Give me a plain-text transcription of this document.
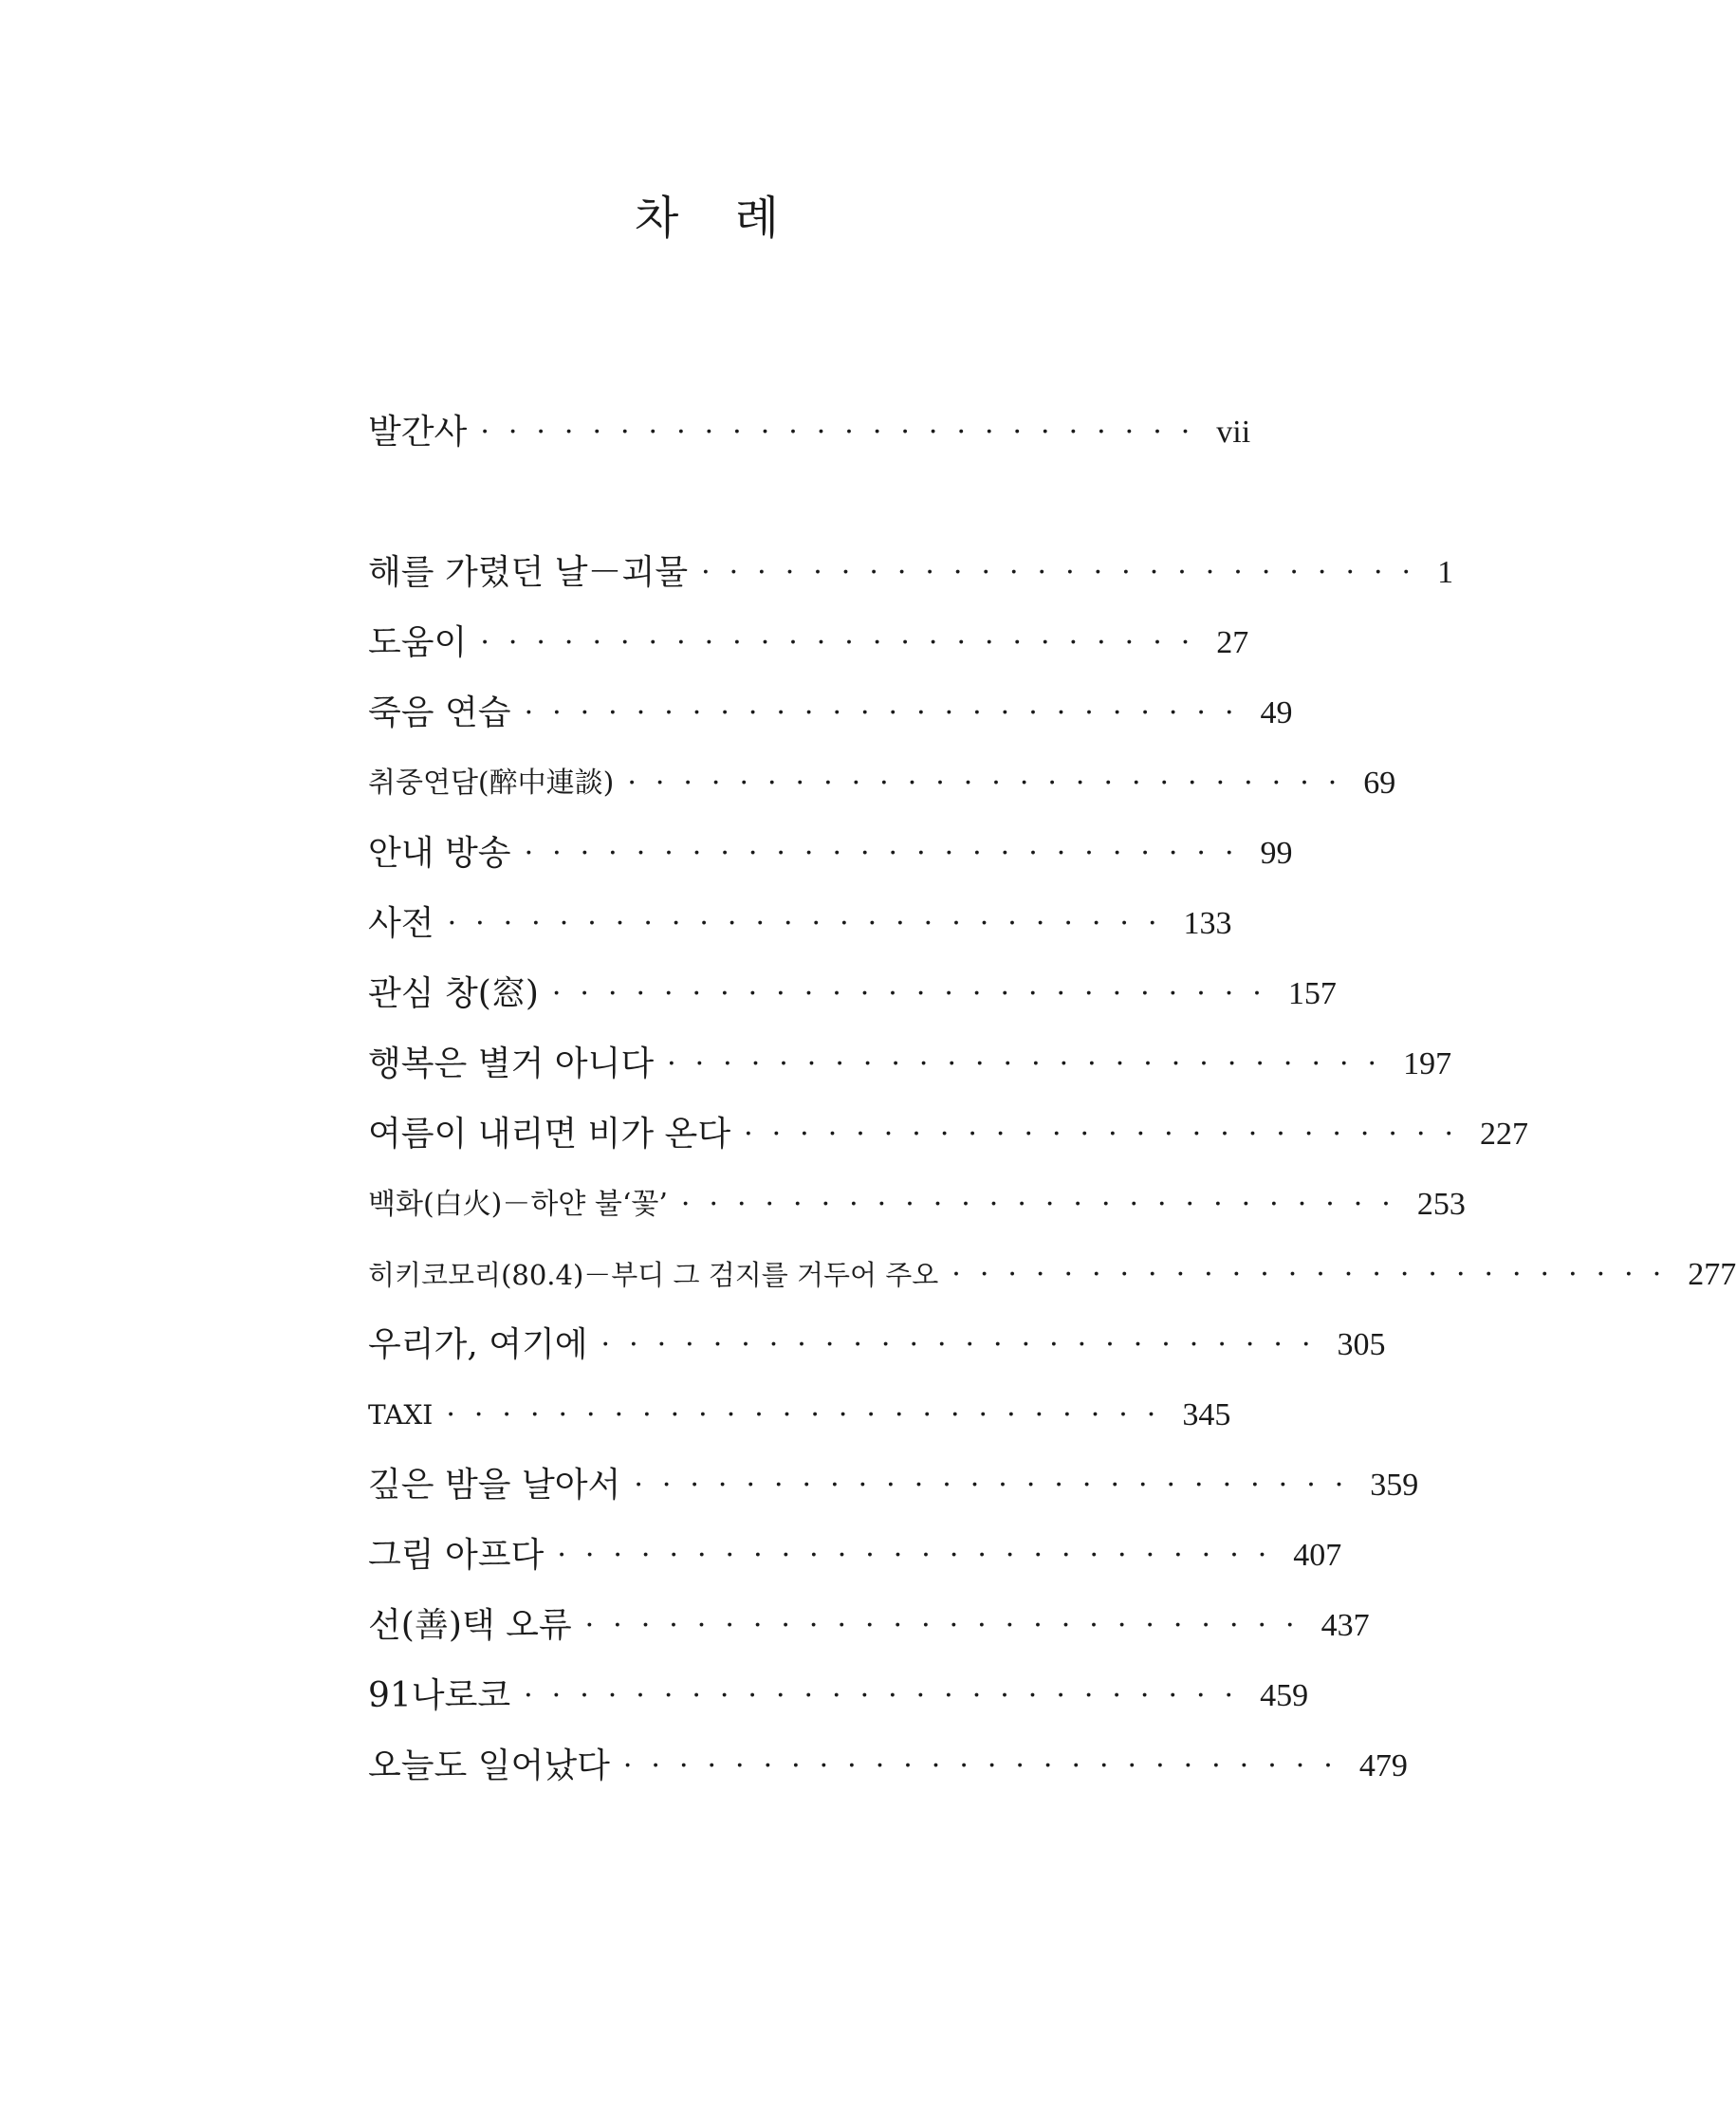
차 례
발간사 ·························· vii
해를 가렸던 날－괴물 ·························· 1
도움이 ·························· 27
죽음 연습 ·························· 49
취중연담(醉中連談) ·························· 69
안내 방송 ·························· 99
사전 ·························· 133
관심 창(窓) ·························· 157
행복은 별거 아니다 ·························· 197
여름이 내리면 비가 온다 ·························· 227
백화(白火)－하얀 불‘꽃’ ·························· 253
히키코모리(80.4)－부디 그 검지를 거두어 주오 ·························· 277
우리가, 여기에 ·························· 305
TAXI ·························· 345
깊은 밤을 날아서 ·························· 359
그림 아프다 ·························· 407
선(善)택 오류 ·························· 437
91나로코 ·························· 459
오늘도 일어났다 ·························· 479
